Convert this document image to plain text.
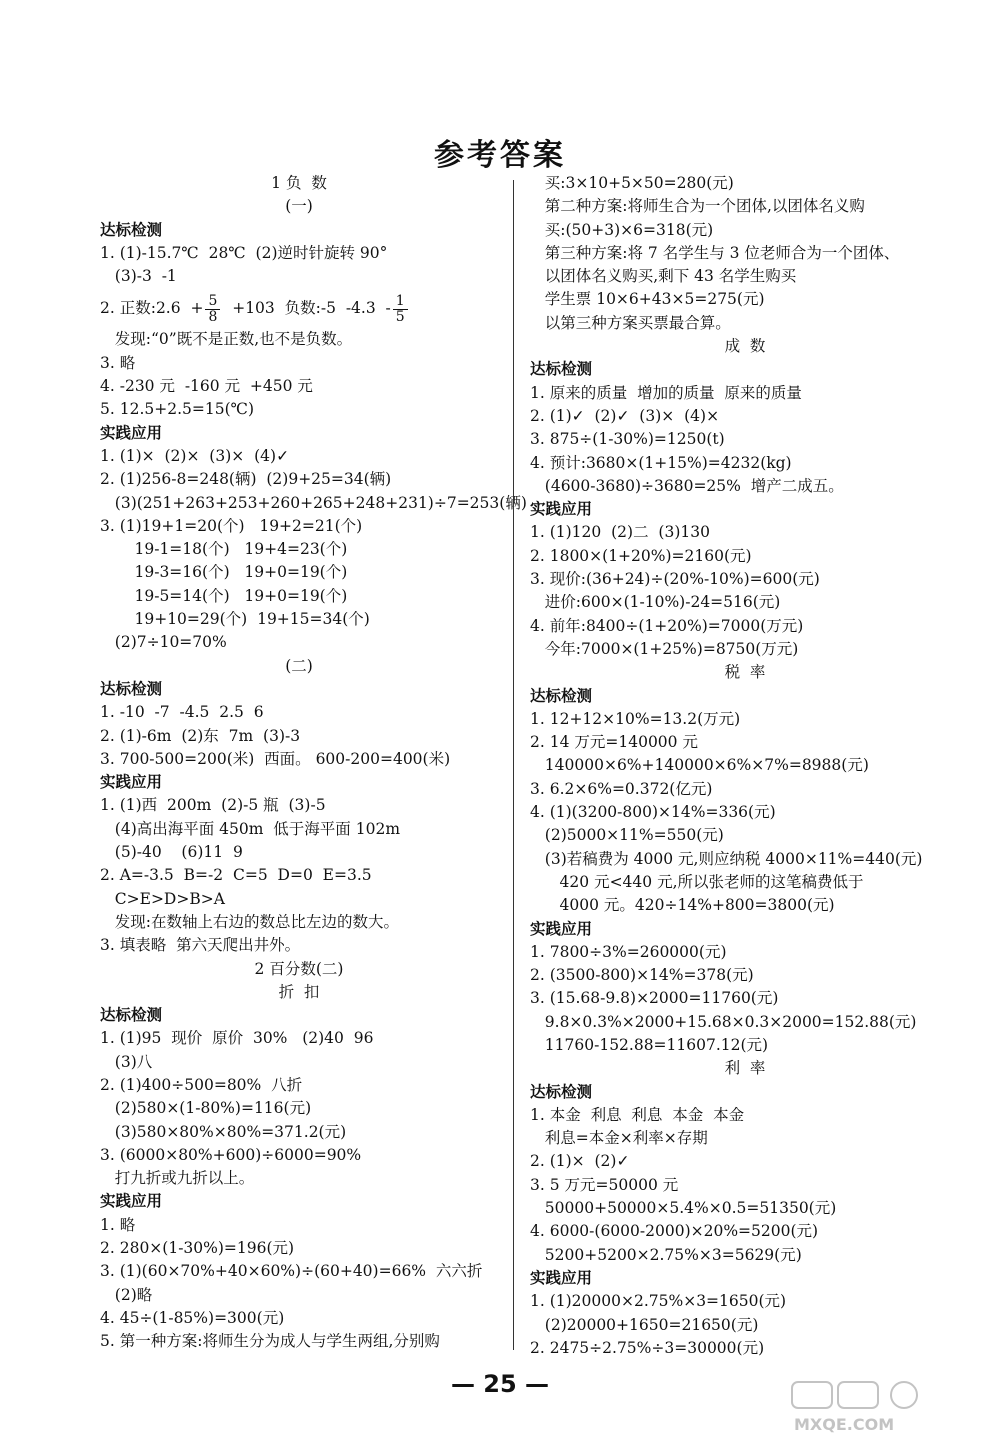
参考答案
1 负  数
(一)
达标检测
1. (1)-15.7℃  28℃  (2)逆时针旋转 90°
(3)-3  -1
2. 正数:2.6  + $\frac{5}{8} +103$  负数:-5  $-4.3 - \frac{1}{5}$
发现:“0”既不是正数,也不是负数。
3. 略
4. -230 元  -160 元  +450 元
5. 12.5+2.5=15(℃)
实践应用
1. (1)×  (2)×  (3)×  (4)✓
2. (1)256-8=248(辆)  (2)9+25=34(辆)
(3)(251+263+253+260+265+248+231)÷7=253(辆)
3. (1)19+1=20(个)   19+2=21(个)
19-1=18(个)   19+4=23(个)
19-3=16(个)   19+0=19(个)
19-5=14(个)   19+0=19(个)
19+10=29(个)  19+15=34(个)
(2)7÷10=70%
(二)
达标检测
1. -10  -7  -4.5  2.5  6
2. (1)-6m  (2)东  7m  (3)-3
3. 700-500=200(米)  西面。 600-200=400(米)
实践应用
1. (1)西  200m  (2)-5 瓶  (3)-5
(4)高出海平面 450m  低于海平面 102m
(5)-40    (6)11  9
2. A=-3.5  B=-2  C=5  D=0  E=3.5
C>E>D>B>A
发现:在数轴上右边的数总比左边的数大。
3. 填表略  第六天爬出井外。
2 百分数(二)
折  扣
达标检测
1. (1)95  现价  原价  30%   (2)40  96
(3)八
2. (1)400÷500=80%  八折
(2)580×(1-80%)=116(元)
(3)580×80%×80%=371.2(元)
3. (6000×80%+600)÷6000=90%
打九折或九折以上。
实践应用
1. 略
2. 280×(1-30%)=196(元)
3. (1)(60×70%+40×60%)÷(60+40)=66%  六六折
(2)略
4. 45÷(1-85%)=300(元)
5. 第一种方案:将师生分为成人与学生两组,分别购
买:3×10+5×50=280(元)
第二种方案:将师生合为一个团体,以团体名义购
买:(50+3)×6=318(元)
第三种方案:将 7 名学生与 3 位老师合为一个团体、
以团体名义购买,剩下 43 名学生购买
学生票 10×6+43×5=275(元)
以第三种方案买票最合算。
成  数
达标检测
1. 原来的质量  增加的质量  原来的质量
2. (1)✓  (2)✓  (3)×  (4)×
3. 875÷(1-30%)=1250(t)
4. 预计:3680×(1+15%)=4232(kg)
(4600-3680)÷3680=25%  增产二成五。
实践应用
1. (1)120  (2)二  (3)130
2. 1800×(1+20%)=2160(元)
3. 现价:(36+24)÷(20%-10%)=600(元)
进价:600×(1-10%)-24=516(元)
4. 前年:8400÷(1+20%)=7000(万元)
今年:7000×(1+25%)=8750(万元)
税  率
达标检测
1. 12+12×10%=13.2(万元)
2. 14 万元=140000 元
140000×6%+140000×6%×7%=8988(元)
3. 6.2×6%=0.372(亿元)
4. (1)(3200-800)×14%=336(元)
(2)5000×11%=550(元)
(3)若稿费为 4000 元,则应纳税 4000×11%=440(元)
420 元<440 元,所以张老师的这笔稿费低于
4000 元。420÷14%+800=3800(元)
实践应用
1. 7800÷3%=260000(元)
2. (3500-800)×14%=378(元)
3. (15.68-9.8)×2000=11760(元)
9.8×0.3%×2000+15.68×0.3×2000=152.88(元)
11760-152.88=11607.12(元)
利  率
达标检测
1. 本金  利息  利息  本金  本金
利息=本金×利率×存期
2. (1)×  (2)✓
3. 5 万元=50000 元
50000+50000×5.4%×0.5=51350(元)
4. 6000-(6000-2000)×20%=5200(元)
5200+5200×2.75%×3=5629(元)
实践应用
1. (1)20000×2.75%×3=1650(元)
(2)20000+1650=21650(元)
2. 2475÷2.75%÷3=30000(元)
— 25 —
MXQE.COM
